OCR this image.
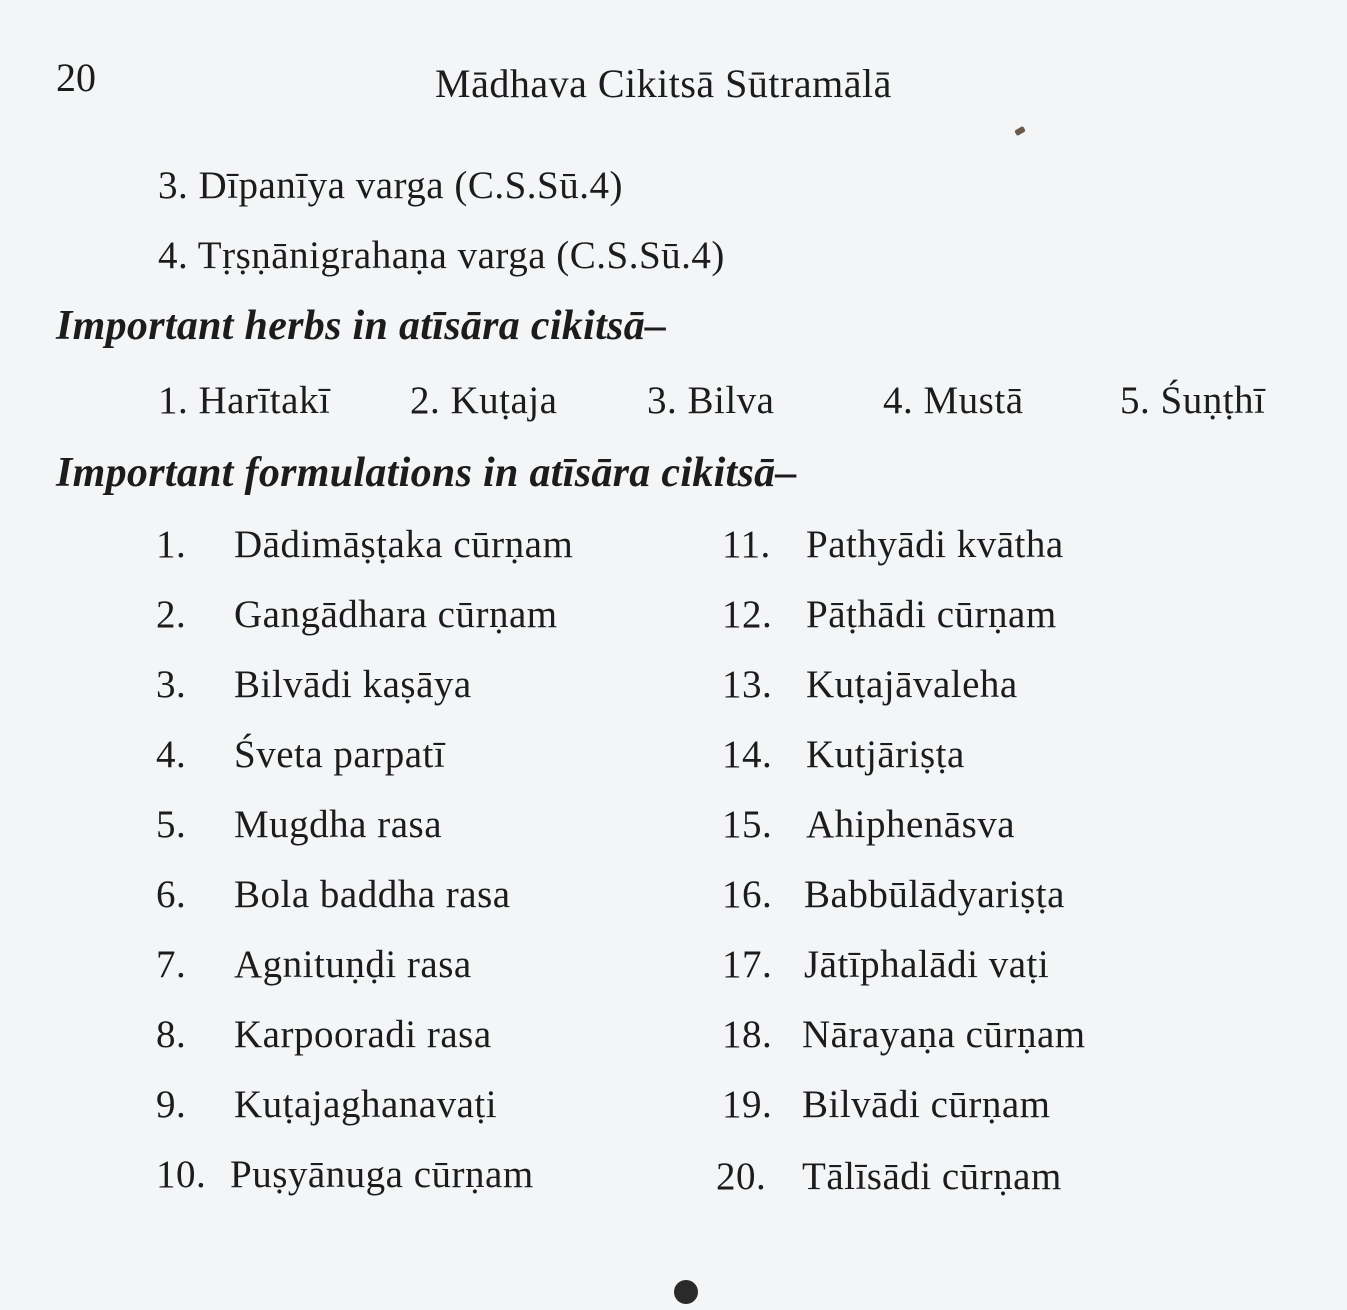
20	Mādhava Cikitsā Sūtramālā
3. Dīpanīya varga (C.S.Sū.4)
4. Tṛṣṇānigrahaṇa varga (C.S.Sū.4)
Important herbs in atīsāra cikitsā–
1. Harītakī 2. Kuṭaja 3. Bilva	4. Mustā 5. Śuṇṭhī
Important formulations in atīsāra cikitsā–
1. Dādimāṣṭaka cūrṇam
2. Gangādhara cūrṇam
3. Bilvādi kaṣāya
4. Śveta parpatī
5. Mugdha rasa
6. Bola baddha rasa
7. Agnituṇḍi rasa
8. Karpooradi rasa
9. Kuṭajaghanavaṭi
10. Puṣyānuga cūrṇam
11. Pathyādi kvātha
12. Pāṭhādi cūrṇam
13. Kuṭajāvaleha
14. Kutjāriṣṭa
15. Ahiphenāsva
16. Babbūlādyariṣṭa
17. Jātīphalādi vaṭi
18. Nārayaṇa cūrṇam
19. Bilvādi cūrṇam
20. Tālīsādi cūrṇam
